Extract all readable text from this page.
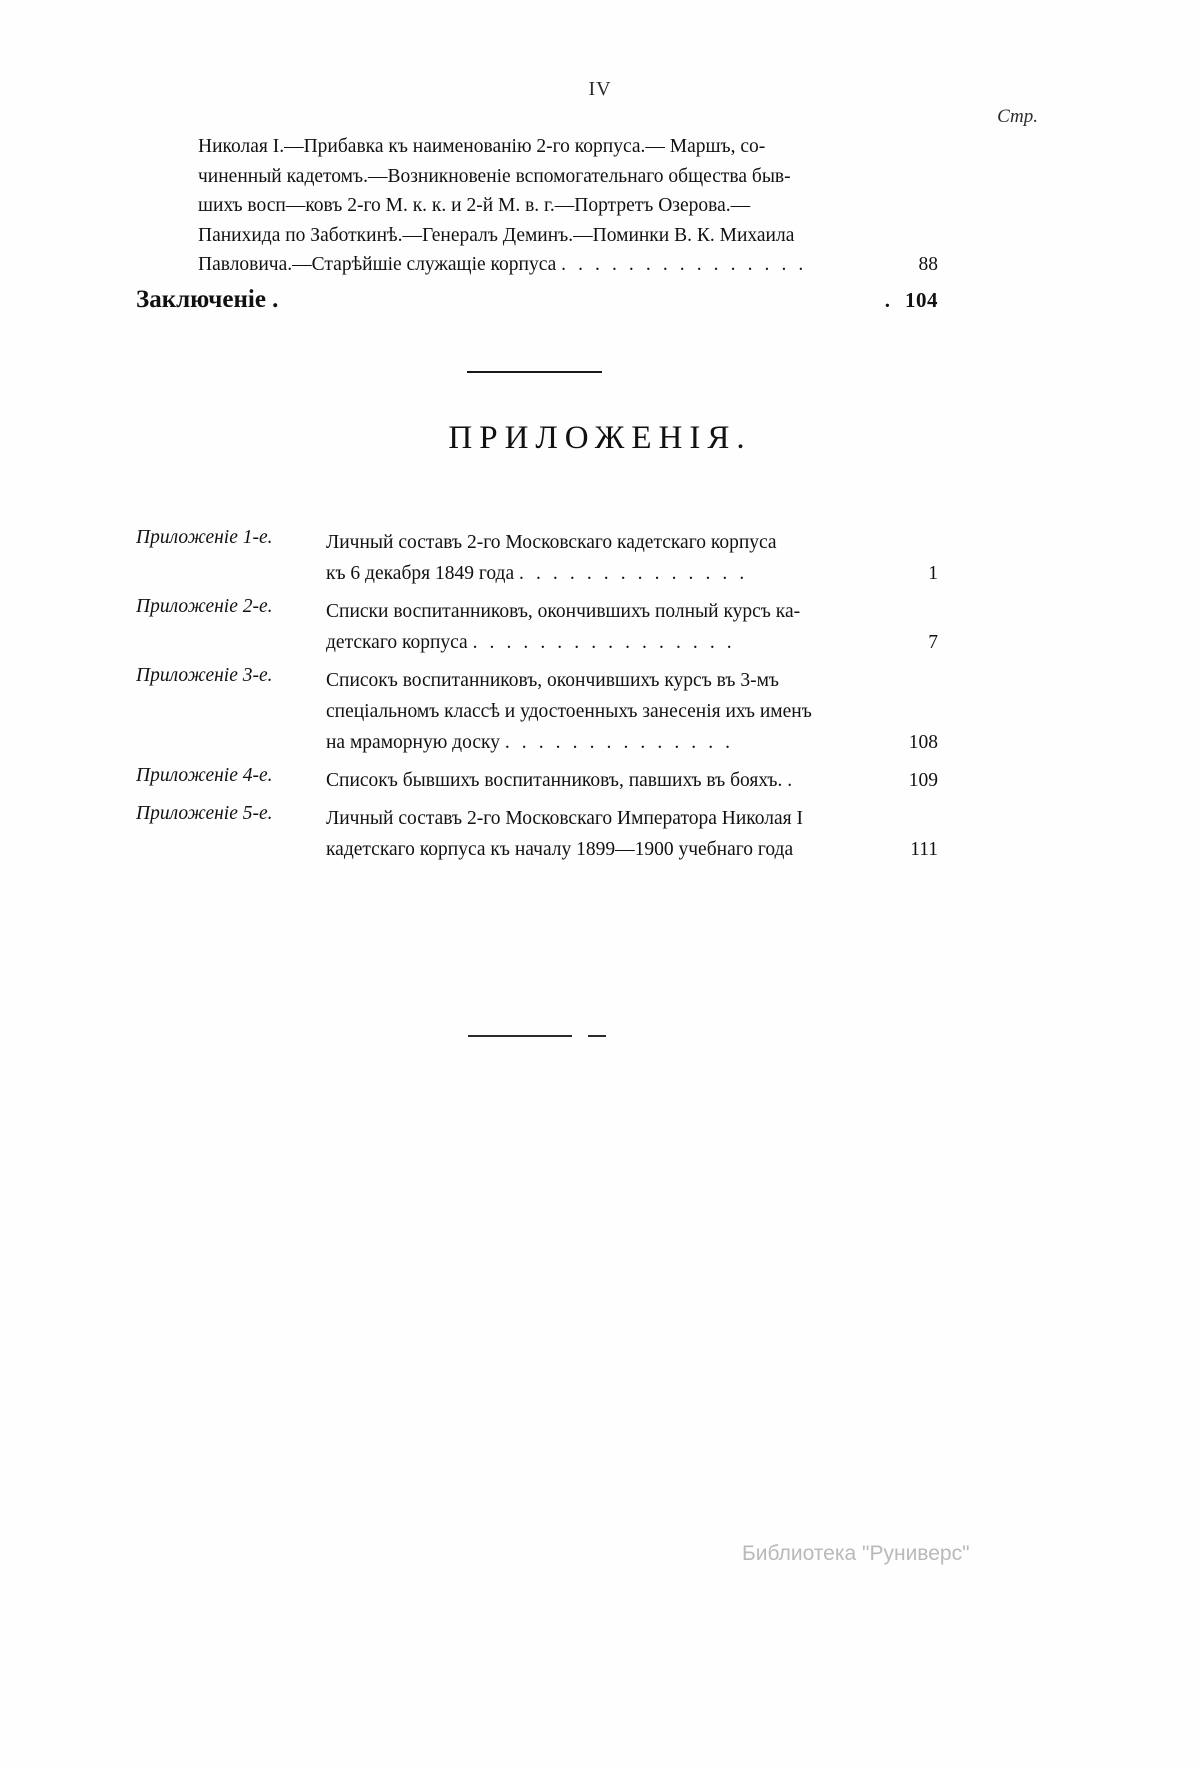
IV
Стр.
Николая I.—Прибавка къ наименованію 2-го корпуса.— Маршъ, со-
чиненный кадетомъ.—Возникновеніе вспомогательнаго общества быв-
шихъ восп—ковъ 2-го М. к. к. и 2-й М. в. г.—Портретъ Озерова.—
Панихида по Заботкинѣ.—Генералъ Деминъ.—Поминки В. К. Михаила
Павловича.—Старѣйшіе служащіе корпуса . . . . . . . . . . . . . . .	88
Заключеніе .	. 104
ПРИЛОЖЕНІЯ.
Приложеніе 1-е.	Личный составъ 2-го Московскаго кадетскаго корпуса
къ 6 декабря 1849 года . . . . . . . . . . . . . .	1
Приложеніе 2-е.	Списки воспитанниковъ, окончившихъ полный курсъ ка-
детскаго корпуса . . . . . . . . . . . . . . . .	7
Приложеніе 3-е.	Списокъ воспитанниковъ, окончившихъ курсъ въ 3-мъ
спеціальномъ классѣ и удостоенныхъ занесенія ихъ именъ
на мраморную доску . . . . . . . . . . . . . .	108
Приложеніе 4-е.	Списокъ бывшихъ воспитанниковъ, павшихъ въ бояхъ. .	109
Приложеніе 5-е.	Личный составъ 2-го Московскаго Императора Николая I
кадетскаго корпуса къ началу 1899—1900 учебнаго года	111
Библиотека "Руниверс"
